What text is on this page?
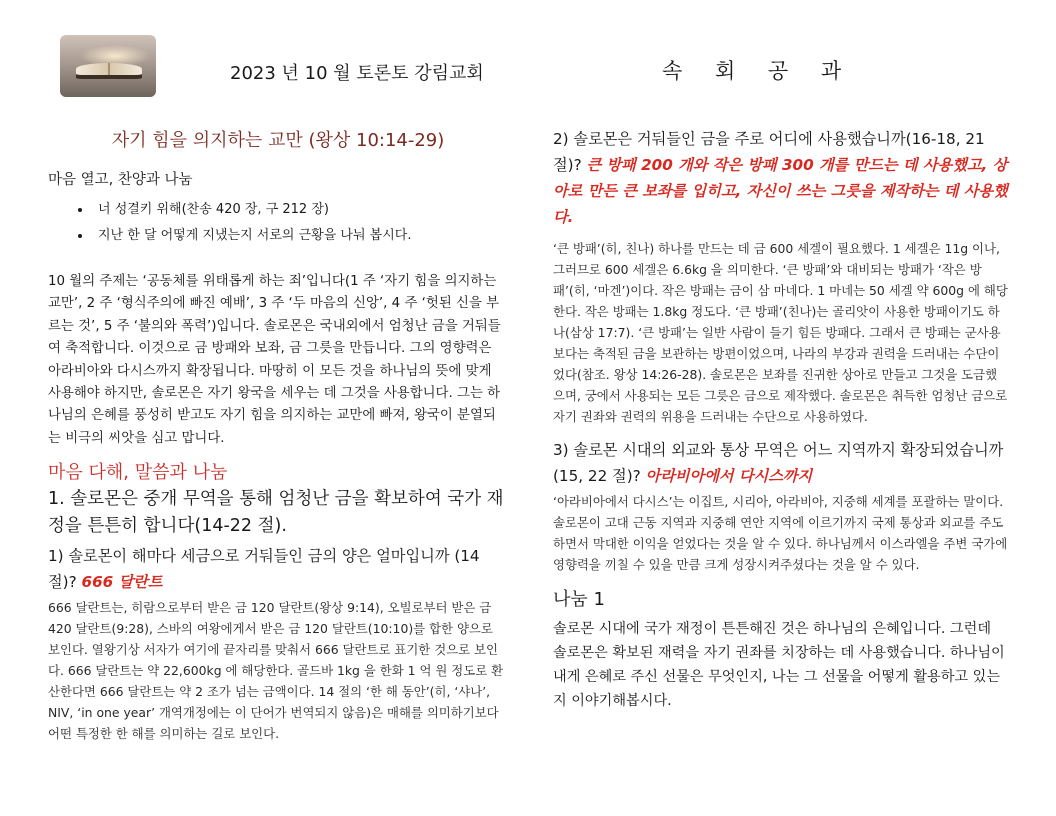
2023 년 10 월 토론토 강림교회	속 회 공 과
자기 힘을 의지하는 교만 (왕상 10:14-29)
마음 열고, 찬양과 나눔
• 너 성결키 위해(찬송 420 장, 구 212 장)
• 지난 한 달 어떻게 지냈는지 서로의 근황을 나눠 봅시다.

10 월의 주제는 ‘공동체를 위태롭게 하는 죄’입니다(1 주 ‘자기 힘을 의지하는 교만’, 2 주 ‘형식주의에 빠진 예배’, 3 주 ‘두 마음의 신앙’, 4 주 ‘헛된 신을 부르는 것’, 5 주 ‘불의와 폭력’)입니다. 솔로몬은 국내외에서 엄청난 금을 거둬들여 축적합니다. 이것으로 금 방패와 보좌, 금 그릇을 만듭니다. 그의 영향력은 아라비아와 다시스까지 확장됩니다. 마땅히 이 모든 것을 하나님의 뜻에 맞게 사용해야 하지만, 솔로몬은 자기 왕국을 세우는 데 그것을 사용합니다. 그는 하나님의 은혜를 풍성히 받고도 자기 힘을 의지하는 교만에 빠져, 왕국이 분열되는 비극의 씨앗을 심고 맙니다.

마음 다해, 말씀과 나눔
1. 솔로몬은 중개 무역을 통해 엄청난 금을 확보하여 국가 재정을 튼튼히 합니다(14-22 절).

1) 솔로몬이 해마다 세금으로 거둬들인 금의 양은 얼마입니까 (14 절)? 666 달란트

666 달란트는, 히람으로부터 받은 금 120 달란트(왕상 9:14), 오빌로부터 받은 금 420 달란트(9:28), 스바의 여왕에게서 받은 금 120 달란트(10:10)를 합한 양으로 보인다. 열왕기상 서자가 여기에 끝자리를 맞춰서 666 달란트로 표기한 것으로 보인다. 666 달란트는 약 22,600kg 에 해당한다. 골드바 1kg 을 한화 1 억 원 정도로 환산한다면 666 달란트는 약 2 조가 넘는 금액이다. 14 절의 ‘한 해 동안’(히, ‘샤나’, NIV, ‘in one year’ 개역개정에는 이 단어가 번역되지 않음)은 매해를 의미하기보다 어떤 특정한 한 해를 의미하는 길로 보인다.

2) 솔로몬은 거둬들인 금을 주로 어디에 사용했습니까(16-18, 21 절)? 큰 방패 200 개와 작은 방패 300 개를 만드는 데 사용했고, 상아로 만든 큰 보좌를 입히고, 자신이 쓰는 그릇을 제작하는 데 사용했다.

‘큰 방패’(히, 친나) 하나를 만드는 데 금 600 세겔이 필요했다. 1 세겔은 11g 이나, 그러므로 600 세겔은 6.6kg 을 의미한다. ‘큰 방패’와 대비되는 방패가 ‘작은 방패’(히, ‘마겐’)이다. 작은 방패는 금이 삼 마네다. 1 마네는 50 세겔 약 600g 에 해당한다. 작은 방패는 1.8kg 정도다. ‘큰 방패’(친나)는 골리앗이 사용한 방패이기도 하나(삼상 17:7). ‘큰 방패’는 일반 사람이 들기 힘든 방패다. 그래서 큰 방패는 군사용보다는 축적된 금을 보관하는 방편이었으며, 나라의 부강과 권력을 드러내는 수단이었다(참조. 왕상 14:26-28). 솔로몬은 보좌를 진귀한 상아로 만들고 그것을 도금했으며, 궁에서 사용되는 모든 그릇은 금으로 제작했다. 솔로몬은 취득한 엄청난 금으로 자기 권좌와 권력의 위용을 드러내는 수단으로 사용하였다.

3) 솔로몬 시대의 외교와 통상 무역은 어느 지역까지 확장되었습니까(15, 22 절)? 아라비아에서 다시스까지

‘아라비아에서 다시스’는 이집트, 시리아, 아라비아, 지중해 세계를 포괄하는 말이다. 솔로몬이 고대 근동 지역과 지중해 연안 지역에 이르기까지 국제 통상과 외교를 주도하면서 막대한 이익을 얻었다는 것을 알 수 있다. 하나님께서 이스라엘을 주변 국가에 영향력을 끼칠 수 있을 만큼 크게 성장시켜주셨다는 것을 알 수 있다.

나눔 1

솔로몬 시대에 국가 재정이 튼튼해진 것은 하나님의 은혜입니다. 그런데 솔로몬은 확보된 재력을 자기 권좌를 치장하는 데 사용했습니다. 하나님이 내게 은혜로 주신 선물은 무엇인지, 나는 그 선물을 어떻게 활용하고 있는지 이야기해봅시다.
